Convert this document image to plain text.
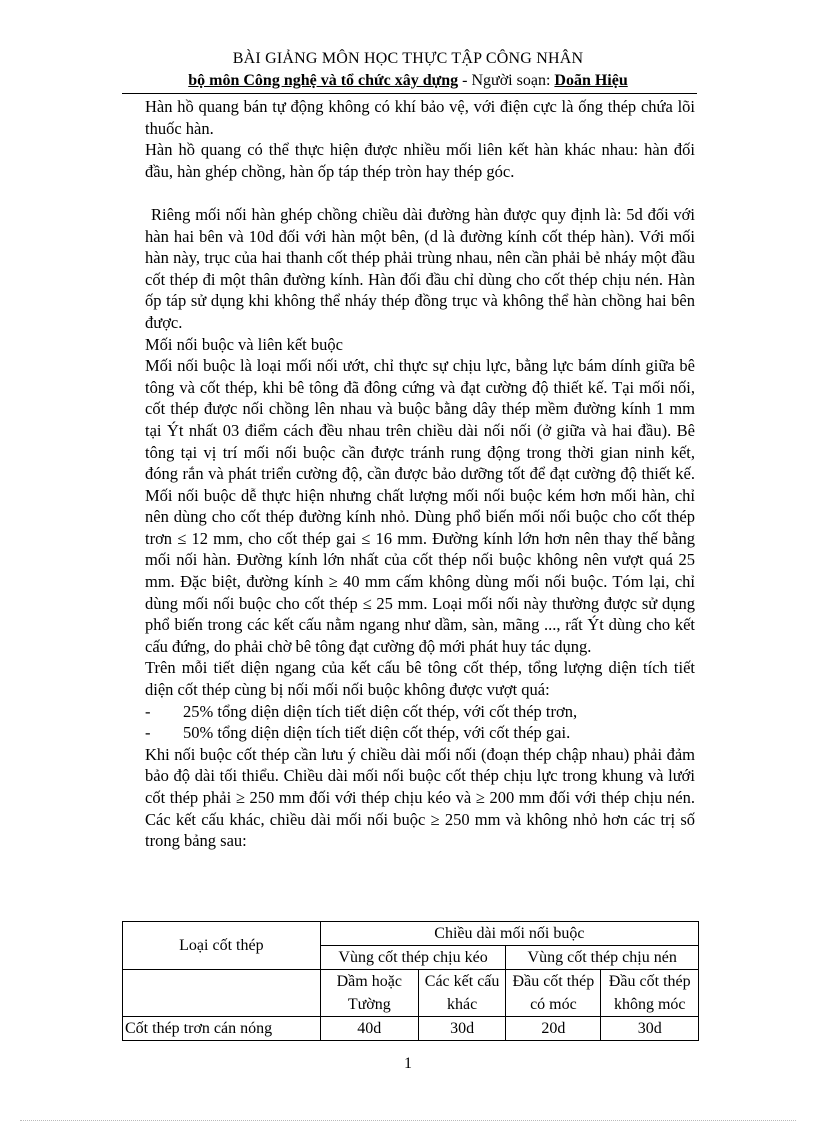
BÀI GIẢNG MÔN HỌC THỰC TẬP CÔNG NHÂN
bộ môn Công nghệ và tổ chức xây dựng - Người soạn: Doãn Hiệu

Hàn hồ quang bán tự động không có khí bảo vệ, với điện cực là ống thép chứa lõi thuốc hàn.

Hàn hồ quang có thể thực hiện được nhiều mối liên kết hàn khác nhau: hàn đối đầu, hàn ghép chồng, hàn ốp táp thép tròn hay thép góc.

Riêng mối nối hàn ghép chồng chiều dài đường hàn được quy định là: 5d đối với hàn hai bên và 10d đối với hàn một bên, (d là đường kính cốt thép hàn). Với mối hàn này, trục của hai thanh cốt thép phải trùng nhau, nên cần phải bẻ nháy một đầu cốt thép đi một thân đường kính. Hàn đối đầu chỉ dùng cho cốt thép chịu nén. Hàn ốp táp sử dụng khi không thể nháy thép đồng trục và không thể hàn chồng hai bên được.

Mối nối buộc và liên kết buộc

Mối nối buộc là loại mối nối ướt, chỉ thực sự chịu lực, bằng lực bám dính giữa bê tông và cốt thép, khi bê tông đã đông cứng và đạt cường độ thiết kế. Tại mối nối, cốt thép được nối chồng lên nhau và buộc bằng dây thép mềm đường kính 1 mm tại Ýt nhất 03 điểm cách đều nhau trên chiều dài nối nối (ở giữa và hai đầu). Bê tông tại vị trí mối nối buộc cần được tránh rung động trong thời gian ninh kết, đóng rắn và phát triển cường độ, cần được bảo dưỡng tốt để đạt cường độ thiết kế. Mối nối buộc dễ thực hiện nhưng chất lượng mối nối buộc kém hơn mối hàn, chỉ nên dùng cho cốt thép đường kính nhỏ. Dùng phổ biến mối nối buộc cho cốt thép trơn ≤ 12 mm, cho cốt thép gai ≤ 16 mm. Đường kính lớn hơn nên thay thế bằng mối nối hàn. Đường kính lớn nhất của cốt thép nối buộc không nên vượt quá 25 mm. Đặc biệt, đường kính ≥ 40 mm cấm không dùng mối nối buộc. Tóm lại, chỉ dùng mối nối buộc cho cốt thép ≤ 25 mm. Loại mối nối này thường được sử dụng phổ biến trong các kết cấu nằm ngang như dầm, sàn, mãng ..., rất Ýt dùng cho kết cấu đứng, do phải chờ bê tông đạt cường độ mới phát huy tác dụng.

Trên mỗi tiết diện ngang của kết cấu bê tông cốt thép, tổng lượng diện tích tiết diện cốt thép cùng bị nối mối nối buộc không được vượt quá:

-	25% tổng diện diện tích tiết diện cốt thép, với cốt thép trơn,
-	50% tổng diện diện tích tiết diện cốt thép, với cốt thép gai.

Khi nối buộc cốt thép cần lưu ý chiều dài mối nối (đoạn thép chập nhau) phải đảm bảo độ dài tối thiểu. Chiều dài mối nối buộc cốt thép chịu lực trong khung và lưới cốt thép phải ≥ 250 mm đối với thép chịu kéo và ≥ 200 mm đối với thép chịu nén. Các kết cấu khác, chiều dài mối nối buộc ≥ 250 mm và không nhỏ hơn các trị số trong bảng sau:

Loại cốt thép	Chiều dài mối nối buộc			
	Vùng cốt thép chịu kéo		Vùng cốt thép chịu nén	
	Dầm hoặc	Các kết cấu	Đầu cốt thép	Đầu cốt thép
	Tường	khác	có móc	không móc
Cốt thép trơn cán nóng	40d	30d	20d	30d
1
